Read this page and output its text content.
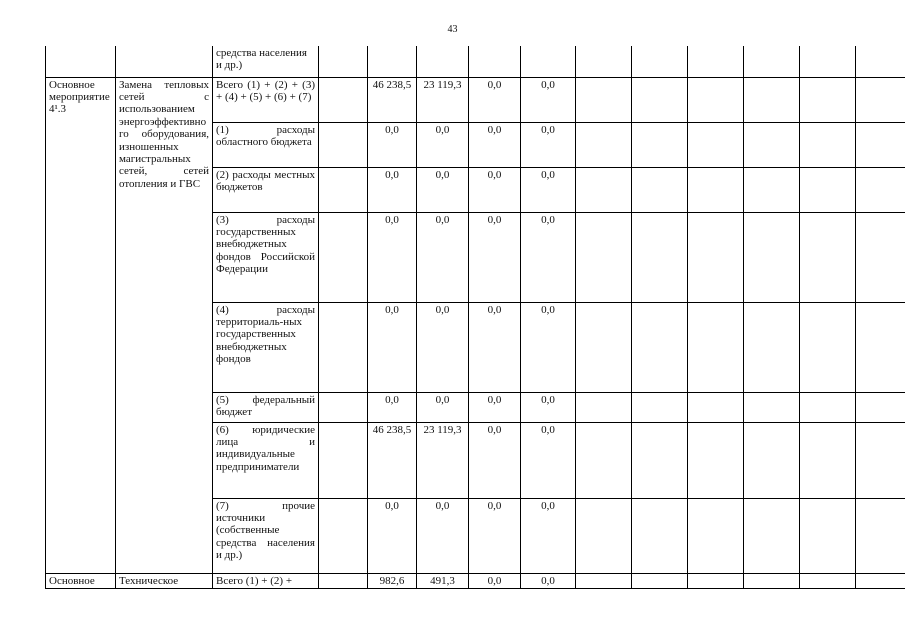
43
		средства населения и др.)											
Основное мероприятие 4¹.3	Замена тепловых сетей с использованием энергоэффективного оборудования, изношенных магистральных сетей, сетей отопления и ГВС	Всего (1) + (2) + (3) + (4) + (5) + (6) + (7)		46 238,5	23 119,3	0,0	0,0						
		(1) расходы областного бюджета		0,0	0,0	0,0	0,0						
		(2) расходы местных бюджетов		0,0	0,0	0,0	0,0						
		(3) расходы государственных внебюджетных фондов Российской Федерации		0,0	0,0	0,0	0,0						
		(4) расходы территориаль-ных государственных внебюджетных фондов		0,0	0,0	0,0	0,0						
		(5) федеральный бюджет		0,0	0,0	0,0	0,0						
		(6) юридические лица и индивидуальные предприниматели		46 238,5	23 119,3	0,0	0,0						
		(7) прочие источники (собственные средства населения и др.)		0,0	0,0	0,0	0,0						
Основное	Техническое	Всего (1) + (2) +		982,6	491,3	0,0	0,0						
